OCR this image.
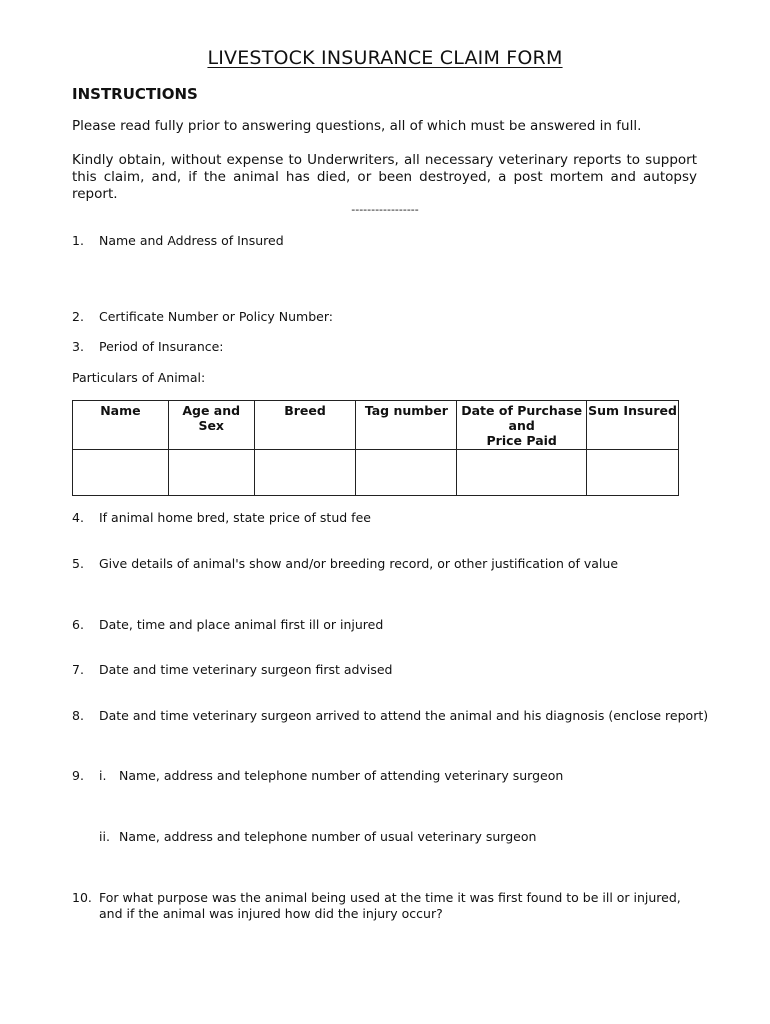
LIVESTOCK INSURANCE CLAIM FORM
INSTRUCTIONS
Please read fully prior to answering questions, all of which must be answered in full.
Kindly obtain, without expense to Underwriters, all necessary veterinary reports to support this claim, and, if the animal has died, or been destroyed, a post mortem and autopsy report.
-----------------
1. Name and Address of Insured
2. Certificate Number or Policy Number:
3. Period of Insurance:
Particulars of Animal:
Name	Age and Sex	Breed	Tag number	Date of Purchase
and
Price Paid	Sum Insured

4. If animal home bred, state price of stud fee
5. Give details of animal's show and/or breeding record, or other justification of value
6. Date, time and place animal first ill or injured
7. Date and time veterinary surgeon first advised
8. Date and time veterinary surgeon arrived to attend the animal and his diagnosis (enclose report)
9. i. Name, address and telephone number of attending veterinary surgeon
ii. Name, address and telephone number of usual veterinary surgeon
10. For what purpose was the animal being used at the time it was first found to be ill or injured,
and if the animal was injured how did the injury occur?
